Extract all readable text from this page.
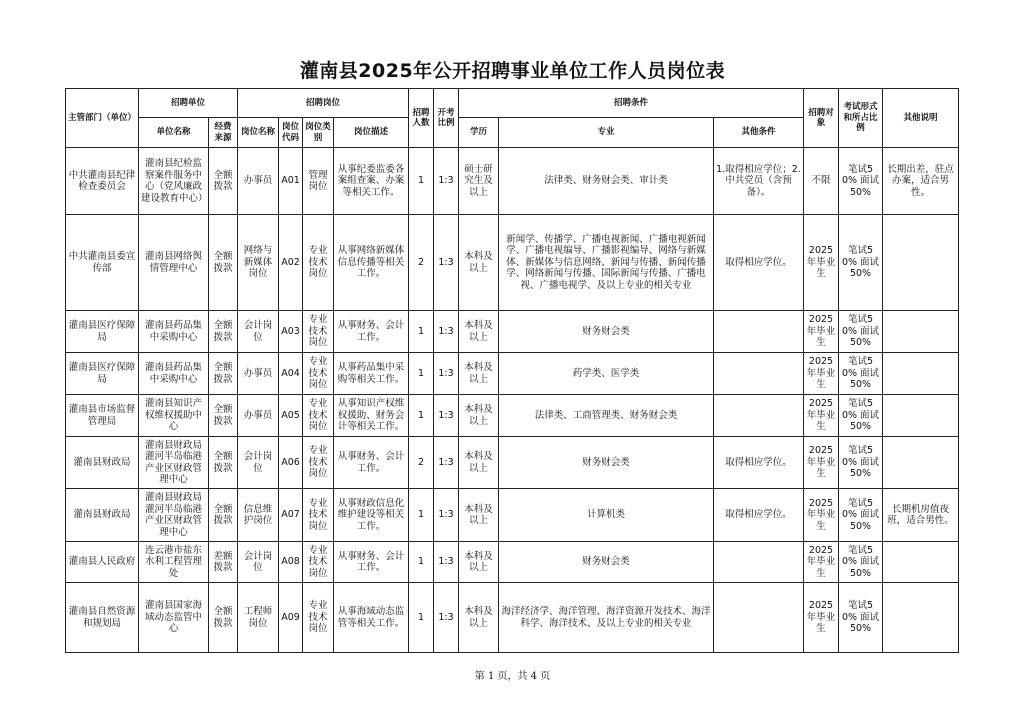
灌南县2025年公开招聘事业单位工作人员岗位表
主管部门（单位）	招聘单位		招聘岗位				招聘人数	开考比例	招聘条件			招聘对象	考试形式和所占比例	其他说明
	单位名称	经费来源	岗位名称	岗位代码	岗位类别	岗位描述			学历	专业	其他条件			
中共灌南县纪律检查委员会	灌南县纪检监察案件服务中心（党风廉政建设教育中心）	全额拨款	办事员	A01	管理岗位	从事纪委监委各案组查案、办案等相关工作。	1	1:3	硕士研究生及以上	法律类、财务财会类、审计类	1.取得相应学位；2.中共党员（含预备）。	不限	笔试50% 面试50%	长期出差，驻点办案，适合男性。
中共灌南县委宣传部	灌南县网络舆情管理中心	全额拨款	网络与新媒体岗位	A02	专业技术岗位	从事网络新媒体信息传播等相关工作。	2	1:3	本科及以上	新闻学、传播学、广播电视新闻、广播电视新闻学、广播电视编导、广播影视编导、网络与新媒体、新媒体与信息网络、新闻与传播、新闻传播学、网络新闻与传播、国际新闻与传播、广播电视、广播电视学、及以上专业的相关专业	取得相应学位。	2025年毕业生	笔试50% 面试50%	
灌南县医疗保障局	灌南县药品集中采购中心	全额拨款	会计岗位	A03	专业技术岗位	从事财务、会计工作。	1	1:3	本科及以上	财务财会类		2025年毕业生	笔试50% 面试50%	
灌南县医疗保障局	灌南县药品集中采购中心	全额拨款	办事员	A04	专业技术岗位	从事药品集中采购等相关工作。	1	1:3	本科及以上	药学类、医学类		2025年毕业生	笔试50% 面试50%	
灌南县市场监督管理局	灌南县知识产权维权援助中心	全额拨款	办事员	A05	专业技术岗位	从事知识产权维权援助、财务会计等相关工作。	1	1:3	本科及以上	法律类、工商管理类、财务财会类		2025年毕业生	笔试50% 面试50%	
灌南县财政局	灌南县财政局灌河半岛临港产业区财政管理中心	全额拨款	会计岗位	A06	专业技术岗位	从事财务、会计工作。	2	1:3	本科及以上	财务财会类	取得相应学位。	2025年毕业生	笔试50% 面试50%	
灌南县财政局	灌南县财政局灌河半岛临港产业区财政管理中心	全额拨款	信息维护岗位	A07	专业技术岗位	从事财政信息化维护建设等相关工作。	1	1:3	本科及以上	计算机类	取得相应学位。	2025年毕业生	笔试50% 面试50%	长期机房值夜班，适合男性。
灌南县人民政府	连云港市盐东水利工程管理处	差额拨款	会计岗位	A08	专业技术岗位	从事财务、会计工作。	1	1:3	本科及以上	财务财会类		2025年毕业生	笔试50% 面试50%	
灌南县自然资源和规划局	灌南县国家海域动态监管中心	全额拨款	工程师岗位	A09	专业技术岗位	从事海域动态监管等相关工作。	1	1:3	本科及以上	海洋经济学、海洋管理、海洋资源开发技术、海洋科学、海洋技术、及以上专业的相关专业		2025年毕业生	笔试50% 面试50%	
第 1 页，共 4 页
